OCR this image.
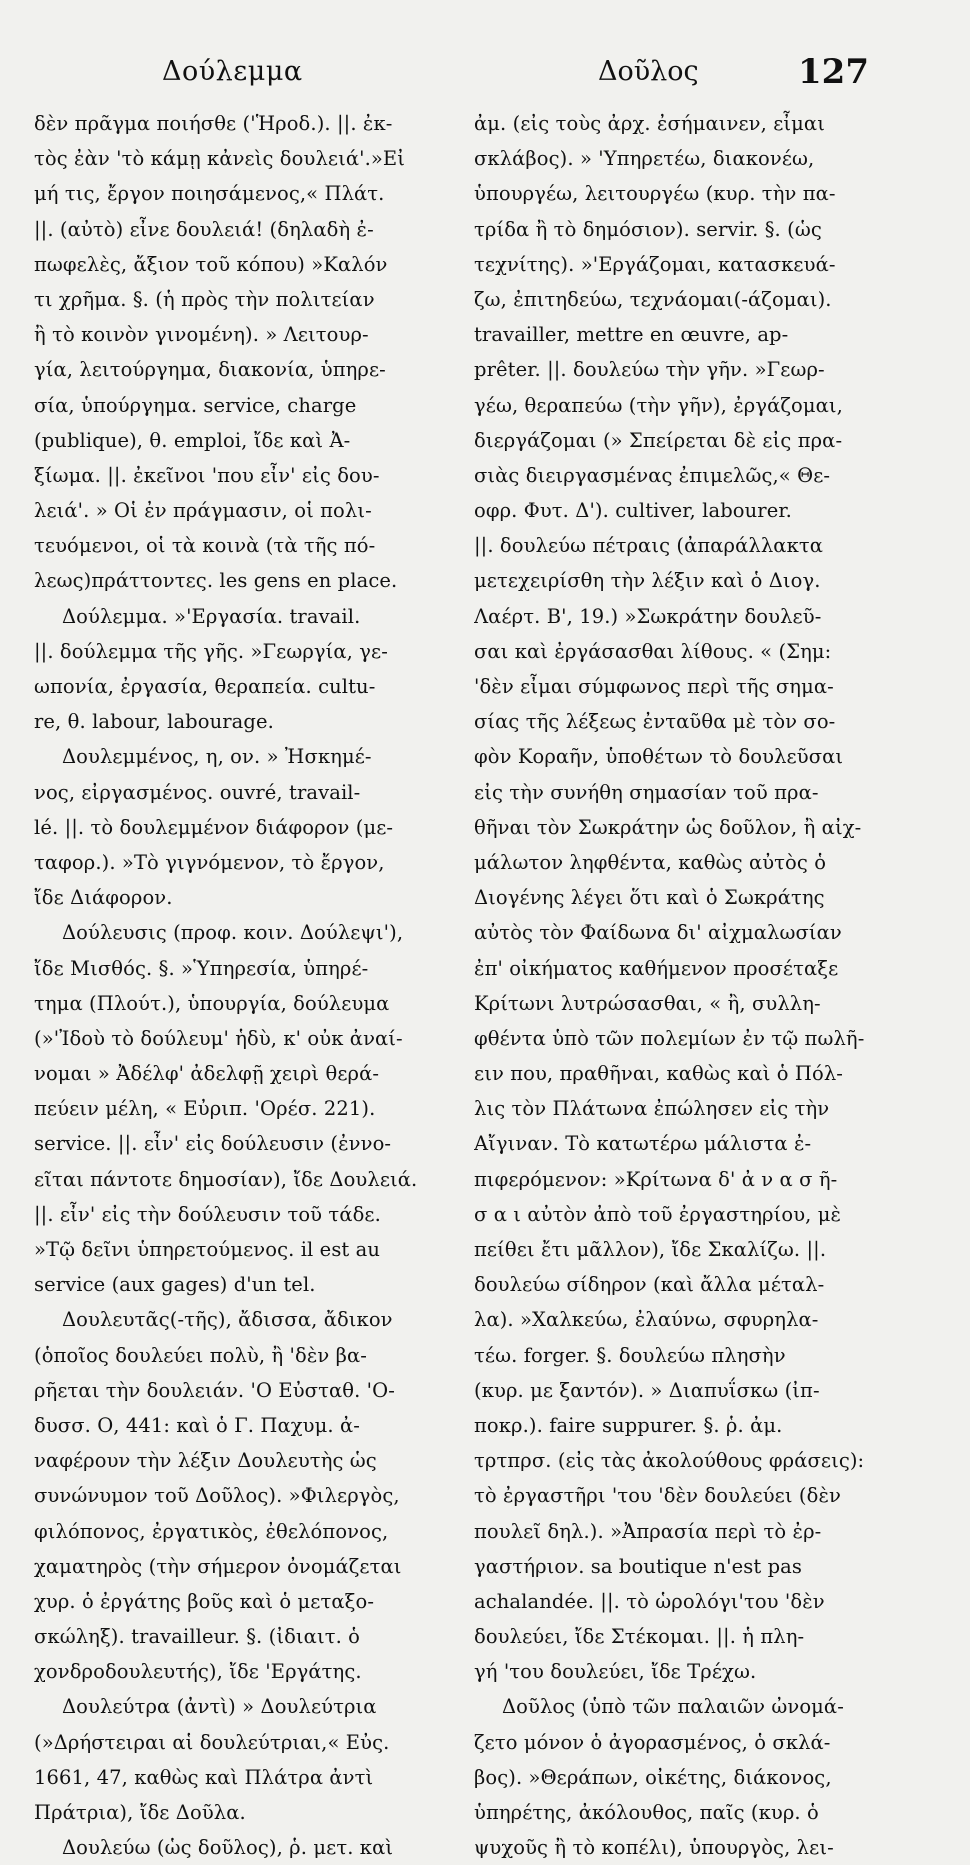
Δούλεμμα	Δοῦλος	127
δὲν πρᾶγμα ποιήσθε ('Ἡροδ.). ||. ἐκ-
τὸς ἐὰν 'τὸ κάμῃ κἀνεὶς δουλειά'.»Εἰ
μή τις, ἔργον ποιησάμενος,« Πλάτ.
||. (αὐτὸ) εἶνε δουλειά! (δηλαδὴ ἐ-
πωφελὲς, ἄξιον τοῦ κόπου) »Καλόν
τι χρῆμα. §. (ἡ πρὸς τὴν πολιτείαν
ἢ τὸ κοινὸν γινομένη). » Λειτουρ-
γία, λειτούργημα, διακονία, ὑπηρε-
σία, ὑπούργημα. service, charge
(publique), θ. emploi, ἴδε καὶ Ἀ-
ξίωμα. ||. ἐκεῖνοι 'που εἶν' εἰς δου-
λειά'. » Οἱ ἐν πράγμασιν, οἱ πολι-
τευόμενοι, οἱ τὰ κοινὰ (τὰ τῆς πό-
λεως)πράττοντες. les gens en place.
Δούλεμμα. »'Εργασία. travail.
||. δούλεμμα τῆς γῆς. »Γεωργία, γε-
ωπονία, ἐργασία, θεραπεία. cultu-
re, θ. labour, labourage.
Δουλεμμένος, η, ον. » Ἠσκημέ-
νος, εἰργασμένος. ouvré, travail-
lé. ||. τὸ δουλεμμένον διάφορον (με-
ταφορ.). »Τὸ γιγνόμενον, τὸ ἔργον,
ἴδε Διάφορον.
Δούλευσις (προφ. κοιν. Δούλεψι'),
ἴδε Μισθός. §. »Ὑπηρεσία, ὑπηρέ-
τημα (Πλούτ.), ὑπουργία, δούλευμα
(»'Ἰδοὺ τὸ δούλευμ' ἡδὺ, κ' οὐκ ἀναί-
νομαι » Ἀδέλφ' ἀδελφῇ χειρὶ θερά-
πεύειν μέλη, « Εὐριπ. 'Ορέσ. 221).
service. ||. εἶν' εἰς δούλευσιν (ἐννο-
εῖται πάντοτε δημοσίαν), ἴδε Δουλειά.
||. εἶν' εἰς τὴν δούλευσιν τοῦ τάδε.
»Τῷ δεῖνι ὑπηρετούμενος. il est au
service (aux gages) d'un tel.
Δουλευτᾶς(-τῆς), ἄδισσα, ἄδικον
(ὁποῖος δουλεύει πολὺ, ἢ 'δὲν βα-
ρῆεται τὴν δουλειάν. 'Ο Εὐσταθ. 'Ο-
δυσσ. Ο, 441: καὶ ὁ Γ. Παχυμ. ἀ-
ναφέρουν τὴν λέξιν Δουλευτὴς ὡς
συνώνυμον τοῦ Δοῦλος). »Φιλεργὸς,
φιλόπονος, ἐργατικὸς, ἐθελόπονος,
χαματηρὸς (τὴν σήμερον ὀνομάζεται
χυρ. ὁ ἐργάτης βοῦς καὶ ὁ μεταξο-
σκώληξ). travailleur. §. (ἰδιαιτ. ὁ
χονδροδουλευτής), ἴδε 'Εργάτης.
Δουλεύτρα (ἀντὶ) » Δουλεύτρια
(»Δρήστειραι αἱ δουλεύτριαι,« Εὐς.
1661, 47, καθὼς καὶ Πλάτρα ἀντὶ
Πράτρια), ἴδε Δοῦλα.
Δουλεύω (ὡς δοῦλος), ῥ. μετ. καὶ
ἀμ. (εἰς τοὺς ἀρχ. ἐσήμαινεν, εἶμαι
σκλάβος). » 'Υπηρετέω, διακονέω,
ὑπουργέω, λειτουργέω (κυρ. τὴν πα-
τρίδα ἢ τὸ δημόσιον). servir. §. (ὡς
τεχνίτης). »'Εργάζομαι, κατασκευά-
ζω, ἐπιτηδεύω, τεχνάομαι(-άζομαι).
travailler, mettre en œuvre, ap-
prêter. ||. δουλεύω τὴν γῆν. »Γεωρ-
γέω, θεραπεύω (τὴν γῆν), ἐργάζομαι,
διεργάζομαι (» Σπείρεται δὲ εἰς πρα-
σιὰς διειργασμένας ἐπιμελῶς,« Θε-
οφρ. Φυτ. Δ'). cultiver, labourer.
||. δουλεύω πέτραις (ἀπαράλλακτα
μετεχειρίσθη τὴν λέξιν καὶ ὁ Διογ.
Λαέρτ. Β', 19.) »Σωκράτην δουλεῦ-
σαι καὶ ἐργάσασθαι λίθους. « (Σημ:
'δὲν εἶμαι σύμφωνος περὶ τῆς σημα-
σίας τῆς λέξεως ἐνταῦθα μὲ τὸν σο-
φὸν Κοραῆν, ὑποθέτων τὸ δουλεῦσαι
εἰς τὴν συνήθη σημασίαν τοῦ πρα-
θῆναι τὸν Σωκράτην ὡς δοῦλον, ἢ αἰχ-
μάλωτον ληφθέντα, καθὼς αὐτὸς ὁ
Διογένης λέγει ὅτι καὶ ὁ Σωκράτης
αὐτὸς τὸν Φαίδωνα δι' αἰχμαλωσίαν
ἐπ' οἰκήματος καθήμενον προσέταξε
Κρίτωνι λυτρώσασθαι, « ἢ, συλλη-
φθέντα ὑπὸ τῶν πολεμίων ἐν τῷ πωλῆ-
ειν που, πραθῆναι, καθὼς καὶ ὁ Πόλ-
λις τὸν Πλάτωνα ἐπώλησεν εἰς τὴν
Αἴγιναν. Τὸ κατωτέρω μάλιστα ἐ-
πιφερόμενον: »Κρίτωνα δ' ἀ ν α σ ῆ-
σ α ι αὐτὸν ἀπὸ τοῦ ἐργαστηρίου, μὲ
πείθει ἔτι μᾶλλον), ἴδε Σκαλίζω. ||.
δουλεύω σίδηρον (καὶ ἄλλα μέταλ-
λα). »Χαλκεύω, ἐλαύνω, σφυρηλα-
τέω. forger. §. δουλεύω πλησὴν
(κυρ. με ξαντόν). » Διαπυΐσκω (ἰπ-
ποκρ.). faire suppurer. §. ῥ. ἀμ.
τρτπρσ. (εἰς τὰς ἀκολούθους φράσεις):
τὸ ἐργαστῆρι 'του 'δὲν δουλεύει (δὲν
πουλεῖ δηλ.). »Ἀπρασία περὶ τὸ ἐρ-
γαστήριον. sa boutique n'est pas
achalandée. ||. τὸ ὡρολόγι'του 'δὲν
δουλεύει, ἴδε Στέκομαι. ||. ἡ πλη-
γή 'του δουλεύει, ἴδε Τρέχω.
Δοῦλος (ὑπὸ τῶν παλαιῶν ὠνομά-
ζετο μόνον ὁ ἀγορασμένος, ὁ σκλά-
βος). »Θεράπων, οἰκέτης, διάκονος,
ὑπηρέτης, ἀκόλουθος, παῖς (κυρ. ὁ
ψυχοῦς ἢ τὸ κοπέλι), ὑπουργὸς, λει-
